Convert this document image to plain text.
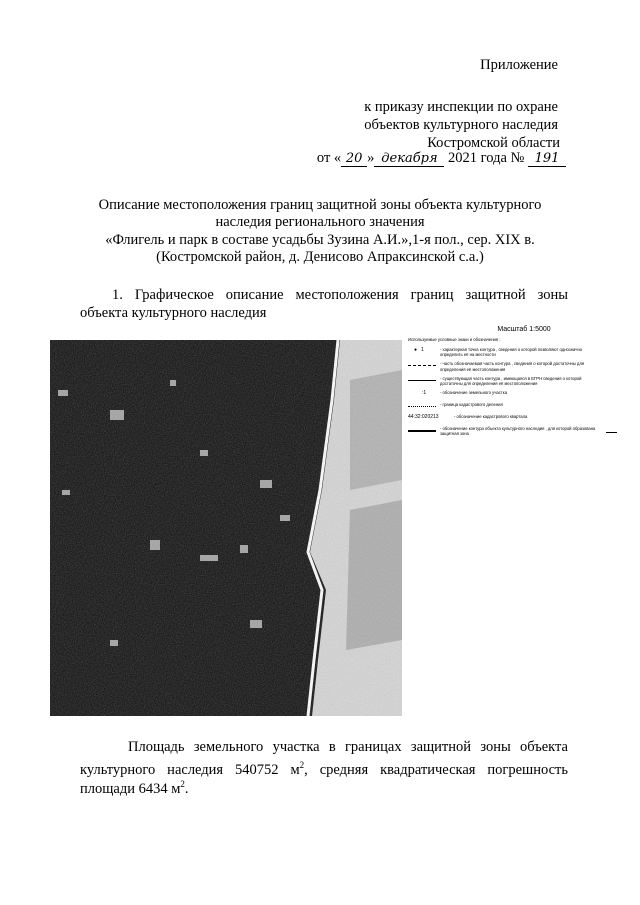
Приложение
к приказу инспекции по охране
объектов культурного наследия
Костромской области
от « 20 » декабря 2021 года № 191
Описание местоположения границ защитной зоны объекта культурного
наследия регионального значения
«Флигель и парк в составе усадьбы Зузина А.И.»,1-я пол., сер. XIX в.
(Костромской район, д. Денисово Апраксинской с.а.)
1. Графическое описание местоположения границ защитной зоны
объекта культурного наследия
Масштаб 1:5000
Используемые условные знаки и обозначения :
● 1	- характерная точка контура , сведения о которой позволяют однозначно определить её на местности
- часть обозначаемая часть контура , сведения о которой достаточны для определения её местоположения
- существующая часть контура , имеющаяся в ЕГРН сведения о которой достаточны для определения её местоположения
:1	- обозначение земельного участка
- граница кадастрового деления
44:32:020213	- обозначение кадастрового квартала
- обозначение контура объекта культурного наследия , для которой образована защитная зона
Площадь земельного участка в границах защитной зоны объекта
культурного наследия 540752 $м^2$, средняя квадратическая погрешность
площади 6434 $м^2$.
